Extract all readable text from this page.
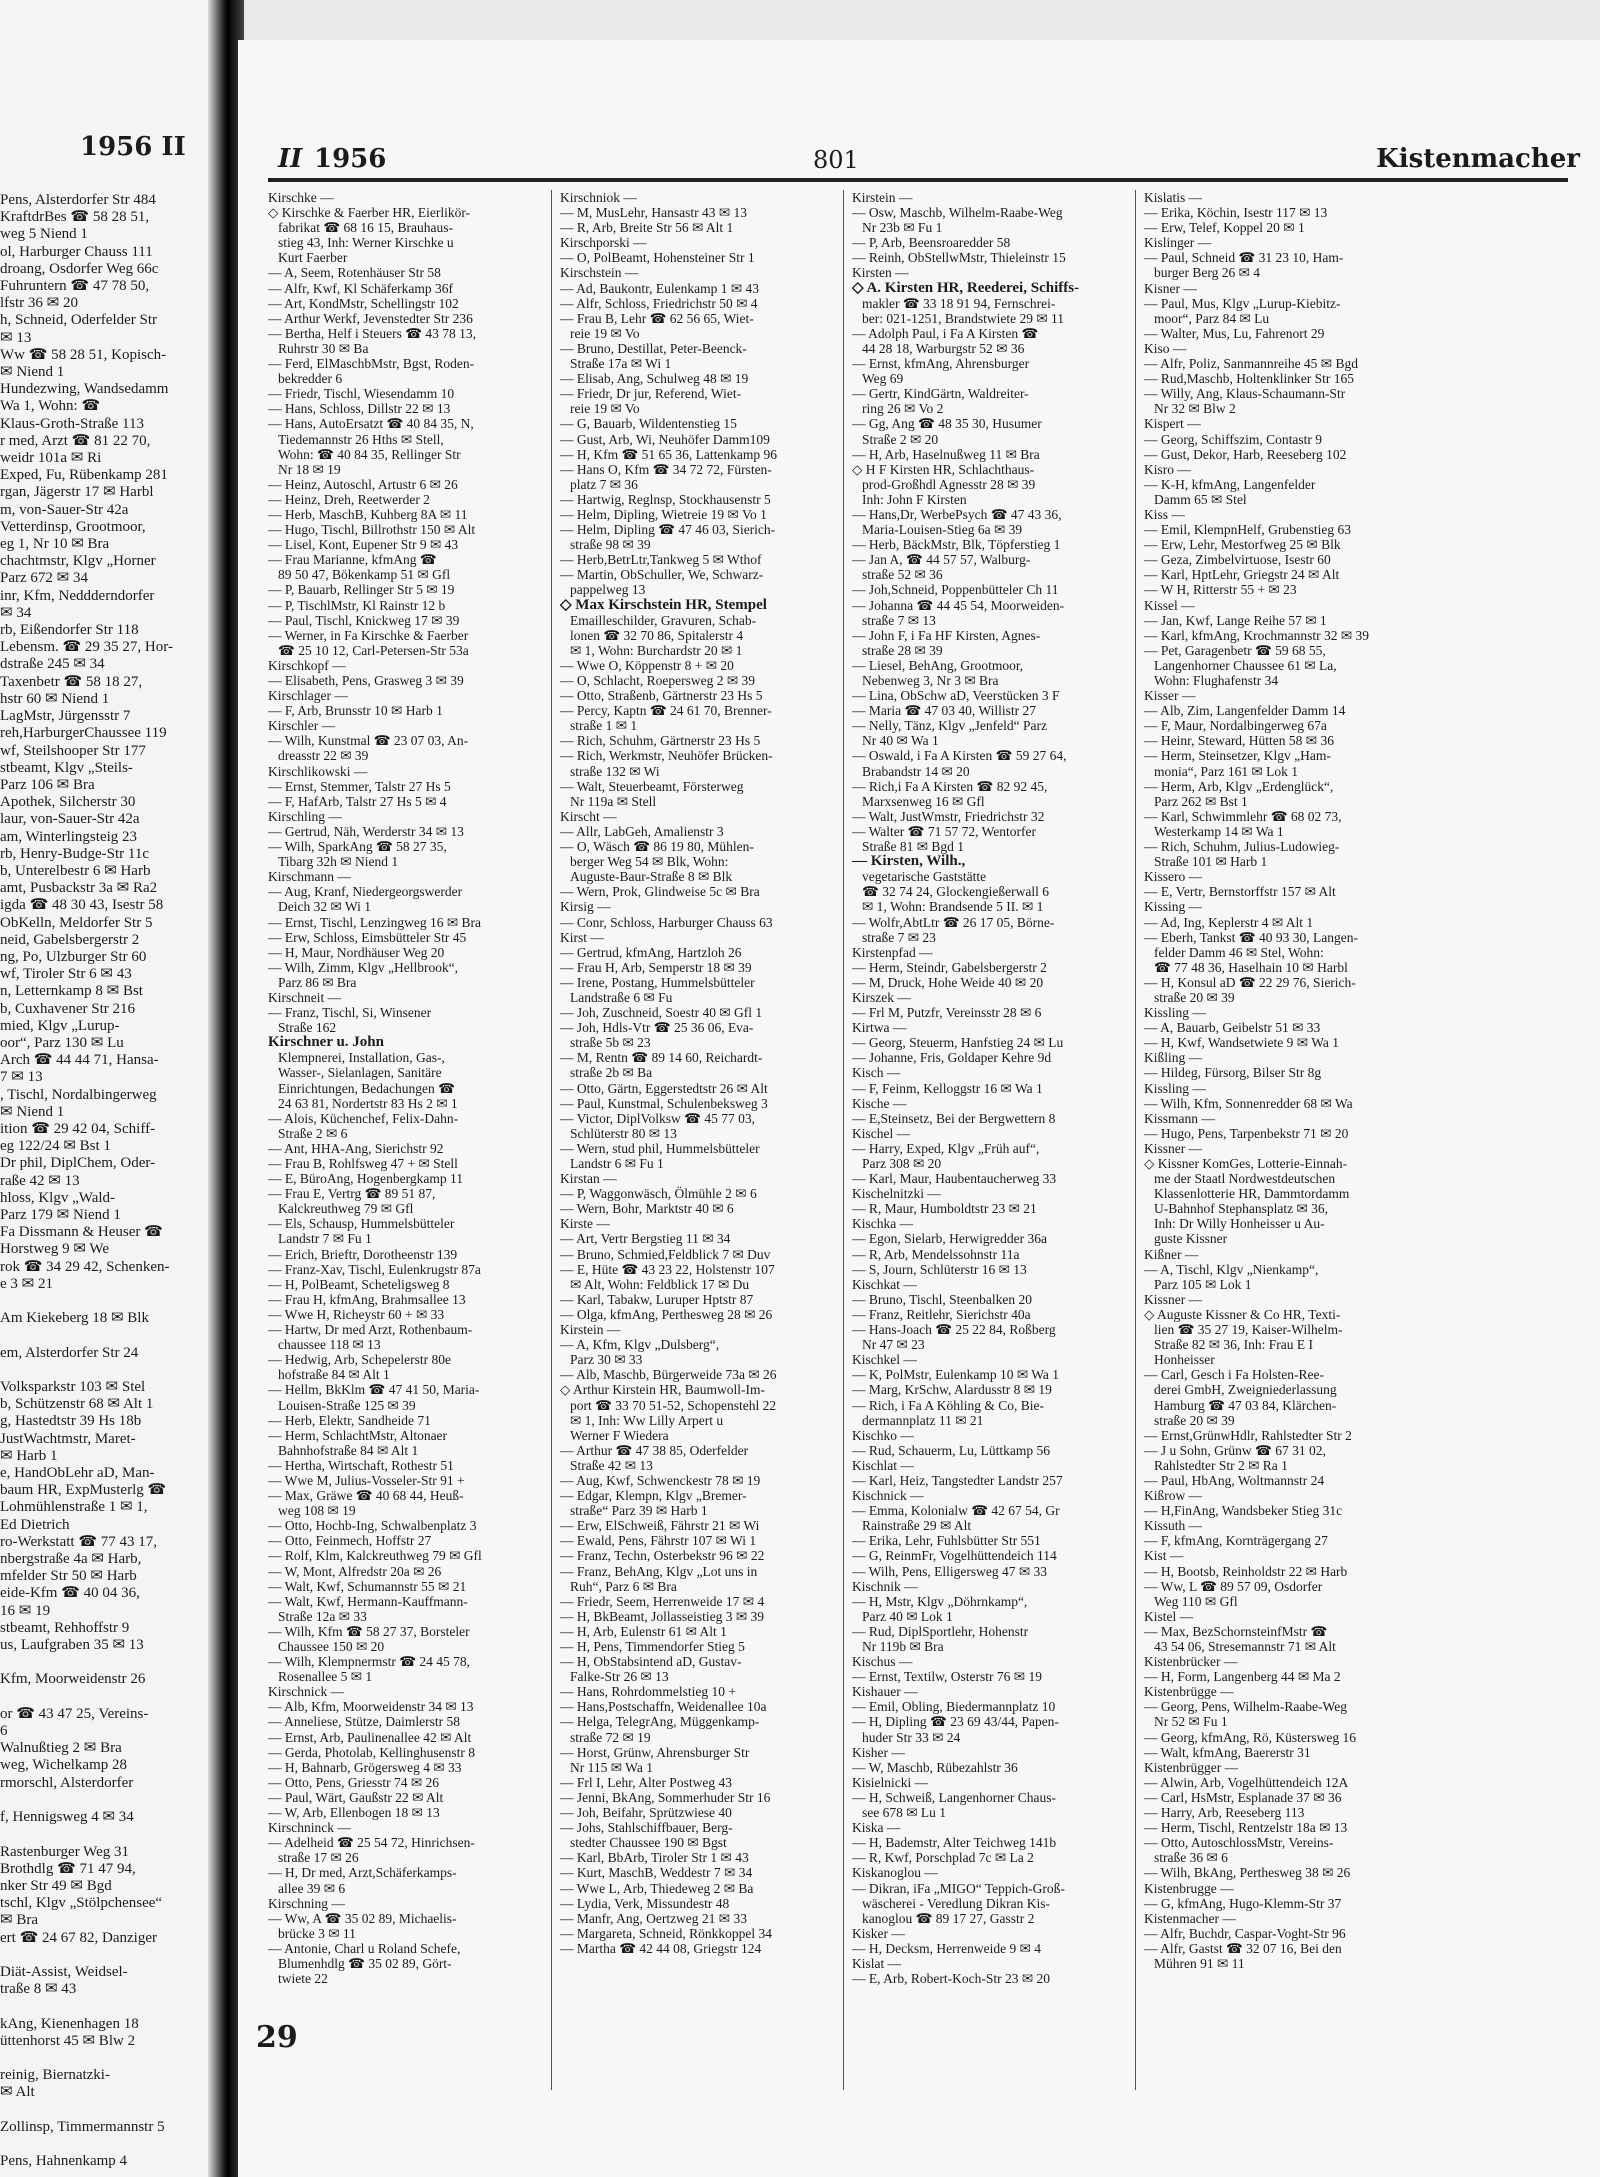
1956 II
Pens, Alsterdorfer Str 484
KraftdrBes ☎ 58 28 51,
weg 5 Niend 1
ol, Harburger Chauss 111
droang, Osdorfer Weg 66c
Fuhruntern ☎ 47 78 50,
lfstr 36 ✉ 20
h, Schneid, Oderfelder Str
✉ 13
Ww ☎ 58 28 51, Kopisch-
✉ Niend 1
Hundezwing, Wandsedamm
Wa 1, Wohn: ☎
Klaus-Groth-Straße 113
r med, Arzt ☎ 81 22 70,
weidr 101a ✉ Ri
Exped, Fu, Rübenkamp 281
rgan, Jägerstr 17 ✉ Harbl
m, von-Sauer-Str 42a
Vetterdinsp, Grootmoor,
eg 1, Nr 10 ✉ Bra
chachtmstr, Klgv „Horner
Parz 672 ✉ 34
inr, Kfm, Neddderndorfer
✉ 34
rb, Eißendorfer Str 118
Lebensm. ☎ 29 35 27, Hor-
dstraße 245 ✉ 34
Taxenbetr ☎ 58 18 27,
hstr 60 ✉ Niend 1
LagMstr, Jürgensstr 7
reh,HarburgerChaussee 119
wf, Steilshooper Str 177
stbeamt, Klgv „Steils-
Parz 106 ✉ Bra
Apothek, Silcherstr 30
laur, von-Sauer-Str 42a
am, Winterlingsteig 23
rb, Henry-Budge-Str 11c
b, Unterelbestr 6 ✉ Harb
amt, Pusbackstr 3a ✉ Ra2
igda ☎ 48 30 43, Isestr 58
ObKelln, Meldorfer Str 5
neid, Gabelsbergerstr 2
ng, Po, Ulzburger Str 60
wf, Tiroler Str 6 ✉ 43
n, Letternkamp 8 ✉ Bst
b, Cuxhavener Str 216
mied, Klgv „Lurup-
oor“, Parz 130 ✉ Lu
Arch ☎ 44 44 71, Hansa-
7 ✉ 13
, Tischl, Nordalbingerweg
✉ Niend 1
ition ☎ 29 42 04, Schiff-
eg 122/24 ✉ Bst 1
Dr phil, DiplChem, Oder-
raße 42 ✉ 13
hloss, Klgv „Wald-
Parz 179 ✉ Niend 1
Fa Dissmann & Heuser ☎
Horstweg 9 ✉ We
rok ☎ 34 29 42, Schenken-
e 3 ✉ 21

Am Kiekeberg 18 ✉ Blk

em, Alsterdorfer Str 24

Volksparkstr 103 ✉ Stel
b, Schützenstr 68 ✉ Alt 1
g, Hastedtstr 39 Hs 18b
JustWachtmstr, Maret-
✉ Harb 1
e, HandObLehr aD, Man-
baum HR, ExpMusterlg ☎
Lohmühlenstraße 1 ✉ 1,
Ed Dietrich
ro-Werkstatt ☎ 77 43 17,
nbergstraße 4a ✉ Harb,
mfelder Str 50 ✉ Harb
eide-Kfm ☎ 40 04 36,
16 ✉ 19
stbeamt, Rehhoffstr 9
us, Laufgraben 35 ✉ 13

Kfm, Moorweidenstr 26

or ☎ 43 47 25, Vereins-
6
Walnußtieg 2 ✉ Bra
weg, Wichelkamp 28
rmorschl, Alsterdorfer

f, Hennigsweg 4 ✉ 34

Rastenburger Weg 31
Brothdlg ☎ 71 47 94,
nker Str 49 ✉ Bgd
tschl, Klgv „Stölpchensee“
✉ Bra
ert ☎ 24 67 82, Danziger

Diät-Assist, Weidsel-
traße 8 ✉ 43

kAng, Kienenhagen 18
üttenhorst 45 ✉ Blw 2

reinig, Biernatzki-
✉ Alt

Zollinsp, Timmermannstr 5

Pens, Hahnenkamp 4
II 1956	801	Kistenmacher
Kirschke —
◇ Kirschke & Faerber HR, Eierlikör-
fabrikat ☎ 68 16 15, Brauhaus-
stieg 43, Inh: Werner Kirschke u
Kurt Faerber
— A, Seem, Rotenhäuser Str 58
— Alfr, Kwf, Kl Schäferkamp 36f
— Art, KondMstr, Schellingstr 102
— Arthur Werkf, Jevenstedter Str 236
— Bertha, Helf i Steuers ☎ 43 78 13,
Ruhrstr 30 ✉ Ba
— Ferd, ElMaschbMstr, Bgst, Roden-
bekredder 6
— Friedr, Tischl, Wiesendamm 10
— Hans, Schloss, Dillstr 22 ✉ 13
— Hans, AutoErsatzt ☎ 40 84 35, N,
Tiedemannstr 26 Hths ✉ Stell,
Wohn: ☎ 40 84 35, Rellinger Str
Nr 18 ✉ 19
— Heinz, Autoschl, Artustr 6 ✉ 26
— Heinz, Dreh, Reetwerder 2
— Herb, MaschB, Kuhberg 8A ✉ 11
— Hugo, Tischl, Billrothstr 150 ✉ Alt
— Lisel, Kont, Eupener Str 9 ✉ 43
— Frau Marianne, kfmAng ☎
89 50 47, Bökenkamp 51 ✉ Gfl
— P, Bauarb, Rellinger Str 5 ✉ 19
— P, TischlMstr, Kl Rainstr 12 b
— Paul, Tischl, Knickweg 17 ✉ 39
— Werner, in Fa Kirschke & Faerber
☎ 25 10 12, Carl-Petersen-Str 53a
Kirschkopf —
— Elisabeth, Pens, Grasweg 3 ✉ 39
Kirschlager —
— F, Arb, Brunsstr 10 ✉ Harb 1
Kirschler —
— Wilh, Kunstmal ☎ 23 07 03, An-
dreasstr 22 ✉ 39
Kirschlikowski —
— Ernst, Stemmer, Talstr 27 Hs 5
— F, HafArb, Talstr 27 Hs 5 ✉ 4
Kirschling —
— Gertrud, Näh, Werderstr 34 ✉ 13
— Wilh, SparkAng ☎ 58 27 35,
Tibarg 32h ✉ Niend 1
Kirschmann —
— Aug, Kranf, Niedergeorgswerder
Deich 32 ✉ Wi 1
— Ernst, Tischl, Lenzingweg 16 ✉ Bra
— Erw, Schloss, Eimsbütteler Str 45
— H, Maur, Nordhäuser Weg 20
— Wilh, Zimm, Klgv „Hellbrook“,
Parz 86 ✉ Bra
Kirschneit —
— Franz, Tischl, Si, Winsener
Straße 162
Kirschner u. John
Klempnerei, Installation, Gas-,
Wasser-, Sielanlagen, Sanitäre
Einrichtungen, Bedachungen ☎
24 63 81, Nordertstr 83 Hs 2 ✉ 1
— Alois, Küchenchef, Felix-Dahn-
Straße 2 ✉ 6
— Ant, HHA-Ang, Sierichstr 92
— Frau B, Rohlfsweg 47 + ✉ Stell
— E, BüroAng, Hogenbergkamp 11
— Frau E, Vertrg ☎ 89 51 87,
Kalckreuthweg 79 ✉ Gfl
— Els, Schausp, Hummelsbütteler
Landstr 7 ✉ Fu 1
— Erich, Brieftr, Dorotheenstr 139
— Franz-Xav, Tischl, Eulenkrugstr 87a
— H, PolBeamt, Scheteligsweg 8
— Frau H, kfmAng, Brahmsallee 13
— Wwe H, Richeystr 60 + ✉ 33
— Hartw, Dr med Arzt, Rothenbaum-
chaussee 118 ✉ 13
— Hedwig, Arb, Schepelerstr 80e
hofstraße 84 ✉ Alt 1
— Hellm, BkKlm ☎ 47 41 50, Maria-
Louisen-Straße 125 ✉ 39
— Herb, Elektr, Sandheide 71
— Herm, SchlachtMstr, Altonaer
Bahnhofstraße 84 ✉ Alt 1
— Hertha, Wirtschaft, Rothestr 51
— Wwe M, Julius-Vosseler-Str 91 +
— Max, Gräwe ☎ 40 68 44, Heuß-
weg 108 ✉ 19
— Otto, Hochb-Ing, Schwalbenplatz 3
— Otto, Feinmech, Hoffstr 27
— Rolf, Klm, Kalckreuthweg 79 ✉ Gfl
— W, Mont, Alfredstr 20a ✉ 26
— Walt, Kwf, Schumannstr 55 ✉ 21
— Walt, Kwf, Hermann-Kauffmann-
Straße 12a ✉ 33
— Wilh, Kfm ☎ 58 27 37, Borsteler
Chaussee 150 ✉ 20
— Wilh, Klempnermstr ☎ 24 45 78,
Rosenallee 5 ✉ 1
Kirschnick —
— Alb, Kfm, Moorweidenstr 34 ✉ 13
— Anneliese, Stütze, Daimlerstr 58
— Ernst, Arb, Paulinenallee 42 ✉ Alt
— Gerda, Photolab, Kellinghusenstr 8
— H, Bahnarb, Grögersweg 4 ✉ 33
— Otto, Pens, Griesstr 74 ✉ 26
— Paul, Wärt, Gaußstr 22 ✉ Alt
— W, Arb, Ellenbogen 18 ✉ 13
Kirschninck —
— Adelheid ☎ 25 54 72, Hinrichsen-
straße 17 ✉ 26
— H, Dr med, Arzt,Schäferkamps-
allee 39 ✉ 6
Kirschning —
— Ww, A ☎ 35 02 89, Michaelis-
brücke 3 ✉ 11
— Antonie, Charl u Roland Schefe,
Blumenhdlg ☎ 35 02 89, Gört-
twiete 22
Kirschniok —
— M, MusLehr, Hansastr 43 ✉ 13
— R, Arb, Breite Str 56 ✉ Alt 1
Kirschporski —
— O, PolBeamt, Hohensteiner Str 1
Kirschstein —
— Ad, Baukontr, Eulenkamp 1 ✉ 43
— Alfr, Schloss, Friedrichstr 50 ✉ 4
— Frau B, Lehr ☎ 62 56 65, Wiet-
reie 19 ✉ Vo
— Bruno, Destillat, Peter-Beenck-
Straße 17a ✉ Wi 1
— Elisab, Ang, Schulweg 48 ✉ 19
— Friedr, Dr jur, Referend, Wiet-
reie 19 ✉ Vo
— G, Bauarb, Wildentenstieg 15
— Gust, Arb, Wi, Neuhöfer Damm109
— H, Kfm ☎ 51 65 36, Lattenkamp 96
— Hans O, Kfm ☎ 34 72 72, Fürsten-
platz 7 ✉ 36
— Hartwig, Reglnsp, Stockhausenstr 5
— Helm, Dipling, Wietreie 19 ✉ Vo 1
— Helm, Dipling ☎ 47 46 03, Sierich-
straße 98 ✉ 39
— Herb,BetrLtr,Tankweg 5 ✉ Wthof
— Martin, ObSchuller, We, Schwarz-
pappelweg 13
◇ Max Kirschstein HR, Stempel
Emailleschilder, Gravuren, Schab-
lonen ☎ 32 70 86, Spitalerstr 4
✉ 1, Wohn: Burchardstr 20 ✉ 1
— Wwe O, Köppenstr 8 + ✉ 20
— O, Schlacht, Roepersweg 2 ✉ 39
— Otto, Straßenb, Gärtnerstr 23 Hs 5
— Percy, Kaptn ☎ 24 61 70, Brenner-
straße 1 ✉ 1
— Rich, Schuhm, Gärtnerstr 23 Hs 5
— Rich, Werkmstr, Neuhöfer Brücken-
straße 132 ✉ Wi
— Walt, Steuerbeamt, Försterweg
Nr 119a ✉ Stell
Kirscht —
— Allr, LabGeh, Amalienstr 3
— O, Wäsch ☎ 86 19 80, Mühlen-
berger Weg 54 ✉ Blk, Wohn:
Auguste-Baur-Straße 8 ✉ Blk
— Wern, Prok, Glindweise 5c ✉ Bra
Kirsig —
— Conr, Schloss, Harburger Chauss 63
Kirst —
— Gertrud, kfmAng, Hartzloh 26
— Frau H, Arb, Semperstr 18 ✉ 39
— Irene, Postang, Hummelsbütteler
Landstraße 6 ✉ Fu
— Joh, Zuschneid, Soestr 40 ✉ Gfl 1
— Joh, Hdls-Vtr ☎ 25 36 06, Eva-
straße 5b ✉ 23
— M, Rentn ☎ 89 14 60, Reichardt-
straße 2b ✉ Ba
— Otto, Gärtn, Eggerstedtstr 26 ✉ Alt
— Paul, Kunstmal, Schulenbeksweg 3
— Victor, DiplVolksw ☎ 45 77 03,
Schlüterstr 80 ✉ 13
— Wern, stud phil, Hummelsbütteler
Landstr 6 ✉ Fu 1
Kirstan —
— P, Waggonwäsch, Ölmühle 2 ✉ 6
— Wern, Bohr, Marktstr 40 ✉ 6
Kirste —
— Art, Vertr Bergstieg 11 ✉ 34
— Bruno, Schmied,Feldblick 7 ✉ Duv
— E, Hüte ☎ 43 23 22, Holstenstr 107
✉ Alt, Wohn: Feldblick 17 ✉ Du
— Karl, Tabakw, Luruper Hptstr 87
— Olga, kfmAng, Perthesweg 28 ✉ 26
Kirstein —
— A, Kfm, Klgv „Dulsberg“,
Parz 30 ✉ 33
— Alb, Maschb, Bürgerweide 73a ✉ 26
◇ Arthur Kirstein HR, Baumwoll-Im-
port ☎ 33 70 51-52, Schopenstehl 22
✉ 1, Inh: Ww Lilly Arpert u
Werner F Wiedera
— Arthur ☎ 47 38 85, Oderfelder
Straße 42 ✉ 13
— Aug, Kwf, Schwenckestr 78 ✉ 19
— Edgar, Klempn, Klgv „Bremer-
straße“ Parz 39 ✉ Harb 1
— Erw, ElSchweiß, Fährstr 21 ✉ Wi
— Ewald, Pens, Fährstr 107 ✉ Wi 1
— Franz, Techn, Osterbekstr 96 ✉ 22
— Franz, BehAng, Klgv „Lot uns in
Ruh“, Parz 6 ✉ Bra
— Friedr, Seem, Herrenweide 17 ✉ 4
— H, BkBeamt, Jollasseistieg 3 ✉ 39
— H, Arb, Eulenstr 61 ✉ Alt 1
— H, Pens, Timmendorfer Stieg 5
— H, ObStabsintend aD, Gustav-
Falke-Str 26 ✉ 13
— Hans, Rohrdommelstieg 10 +
— Hans,Postschaffn, Weidenallee 10a
— Helga, TelegrAng, Müggenkamp-
straße 72 ✉ 19
— Horst, Grünw, Ahrensburger Str
Nr 115 ✉ Wa 1
— Frl I, Lehr, Alter Postweg 43
— Jenni, BkAng, Sommerhuder Str 16
— Joh, Beifahr, Sprützwiese 40
— Johs, Stahlschiffbauer, Berg-
stedter Chaussee 190 ✉ Bgst
— Karl, BbArb, Tiroler Str 1 ✉ 43
— Kurt, MaschB, Weddestr 7 ✉ 34
— Wwe L, Arb, Thiedeweg 2 ✉ Ba
— Lydia, Verk, Missundestr 48
— Manfr, Ang, Oertzweg 21 ✉ 33
— Margareta, Schneid, Rönkkoppel 34
— Martha ☎ 42 44 08, Griegstr 124
Kirstein —
— Osw, Maschb, Wilhelm-Raabe-Weg
Nr 23b ✉ Fu 1
— P, Arb, Beensroaredder 58
— Reinh, ObStellwMstr, Thieleinstr 15
Kirsten —
◇ A. Kirsten HR, Reederei, Schiffs-
makler ☎ 33 18 91 94, Fernschrei-
ber: 021-1251, Brandstwiete 29 ✉ 11
— Adolph Paul, i Fa A Kirsten ☎
44 28 18, Warburgstr 52 ✉ 36
— Ernst, kfmAng, Ahrensburger
Weg 69
— Gertr, KindGärtn, Waldreiter-
ring 26 ✉ Vo 2
— Gg, Ang ☎ 48 35 30, Husumer
Straße 2 ✉ 20
— H, Arb, Haselnußweg 11 ✉ Bra
◇ H F Kirsten HR, Schlachthaus-
prod-Großhdl Agnesstr 28 ✉ 39
Inh: John F Kirsten
— Hans,Dr, WerbePsych ☎ 47 43 36,
Maria-Louisen-Stieg 6a ✉ 39
— Herb, BäckMstr, Blk, Töpferstieg 1
— Jan A, ☎ 44 57 57, Walburg-
straße 52 ✉ 36
— Joh,Schneid, Poppenbütteler Ch 11
— Johanna ☎ 44 45 54, Moorweiden-
straße 7 ✉ 13
— John F, i Fa HF Kirsten, Agnes-
straße 28 ✉ 39
— Liesel, BehAng, Grootmoor,
Nebenweg 3, Nr 3 ✉ Bra
— Lina, ObSchw aD, Veerstücken 3 F
— Maria ☎ 47 03 40, Willistr 27
— Nelly, Tänz, Klgv „Jenfeld“ Parz
Nr 40 ✉ Wa 1
— Oswald, i Fa A Kirsten ☎ 59 27 64,
Brabandstr 14 ✉ 20
— Rich,i Fa A Kirsten ☎ 82 92 45,
Marxsenweg 16 ✉ Gfl
— Walt, JustWmstr, Friedrichstr 32
— Walter ☎ 71 57 72, Wentorfer
Straße 81 ✉ Bgd 1
— Kirsten, Wilh.,
vegetarische Gaststätte
☎ 32 74 24, Glockengießerwall 6
✉ 1, Wohn: Brandsende 5 II. ✉ 1
— Wolfr,AbtLtr ☎ 26 17 05, Börne-
straße 7 ✉ 23
Kirstenpfad —
— Herm, Steindr, Gabelsbergerstr 2
— M, Druck, Hohe Weide 40 ✉ 20
Kirszek —
— Frl M, Putzfr, Vereinsstr 28 ✉ 6
Kirtwa —
— Georg, Steuerm, Hanfstieg 24 ✉ Lu
— Johanne, Fris, Goldaper Kehre 9d
Kisch —
— F, Feinm, Kelloggstr 16 ✉ Wa 1
Kische —
— E,Steinsetz, Bei der Bergwettern 8
Kischel —
— Harry, Exped, Klgv „Früh auf“,
Parz 308 ✉ 20
— Karl, Maur, Haubentaucherweg 33
Kischelnitzki —
— R, Maur, Humboldtstr 23 ✉ 21
Kischka —
— Egon, Sielarb, Herwigredder 36a
— R, Arb, Mendelssohnstr 11a
— S, Journ, Schlüterstr 16 ✉ 13
Kischkat —
— Bruno, Tischl, Steenbalken 20
— Franz, Reitlehr, Sierichstr 40a
— Hans-Joach ☎ 25 22 84, Roßberg
Nr 47 ✉ 23
Kischkel —
— K, PolMstr, Eulenkamp 10 ✉ Wa 1
— Marg, KrSchw, Alardusstr 8 ✉ 19
— Rich, i Fa A Köhling & Co, Bie-
dermannplatz 11 ✉ 21
Kischko —
— Rud, Schauerm, Lu, Lüttkamp 56
Kischlat —
— Karl, Heiz, Tangstedter Landstr 257
Kischnick —
— Emma, Kolonialw ☎ 42 67 54, Gr
Rainstraße 29 ✉ Alt
— Erika, Lehr, Fuhlsbütter Str 551
— G, ReinmFr, Vogelhüttendeich 114
— Wilh, Pens, Elligersweg 47 ✉ 33
Kischnik —
— H, Mstr, Klgv „Döhrnkamp“,
Parz 40 ✉ Lok 1
— Rud, DiplSportlehr, Hohenstr
Nr 119b ✉ Bra
Kischus —
— Ernst, Textilw, Osterstr 76 ✉ 19
Kishauer —
— Emil, Obling, Biedermannplatz 10
— H, Dipling ☎ 23 69 43/44, Papen-
huder Str 33 ✉ 24
Kisher —
— W, Maschb, Rübezahlstr 36
Kisielnicki —
— H, Schweiß, Langenhorner Chaus-
see 678 ✉ Lu 1
Kiska —
— H, Bademstr, Alter Teichweg 141b
— R, Kwf, Porschplad 7c ✉ La 2
Kiskanoglou —
— Dikran, iFa „MIGO“ Teppich-Groß-
wäscherei - Veredlung Dikran Kis-
kanoglou ☎ 89 17 27, Gasstr 2
Kisker —
— H, Decksm, Herrenweide 9 ✉ 4
Kislat —
— E, Arb, Robert-Koch-Str 23 ✉ 20
Kislatis —
— Erika, Köchin, Isestr 117 ✉ 13
— Erw, Telef, Koppel 20 ✉ 1
Kislinger —
— Paul, Schneid ☎ 31 23 10, Ham-
burger Berg 26 ✉ 4
Kisner —
— Paul, Mus, Klgv „Lurup-Kiebitz-
moor“, Parz 84 ✉ Lu
— Walter, Mus, Lu, Fahrenort 29
Kiso —
— Alfr, Poliz, Sanmannreihe 45 ✉ Bgd
— Rud,Maschb, Holtenklinker Str 165
— Willy, Ang, Klaus-Schaumann-Str
Nr 32 ✉ Blw 2
Kispert —
— Georg, Schiffszim, Contastr 9
— Gust, Dekor, Harb, Reeseberg 102
Kisro —
— K-H, kfmAng, Langenfelder
Damm 65 ✉ Stel
Kiss —
— Emil, KlempnHelf, Grubenstieg 63
— Erw, Lehr, Mestorfweg 25 ✉ Blk
— Geza, Zimbelvirtuose, Isestr 60
— Karl, HptLehr, Griegstr 24 ✉ Alt
— W H, Ritterstr 55 + ✉ 23
Kissel —
— Jan, Kwf, Lange Reihe 57 ✉ 1
— Karl, kfmAng, Krochmannstr 32 ✉ 39
— Pet, Garagenbetr ☎ 59 68 55,
Langenhorner Chaussee 61 ✉ La,
Wohn: Flughafenstr 34
Kisser —
— Alb, Zim, Langenfelder Damm 14
— F, Maur, Nordalbingerweg 67a
— Heinr, Steward, Hütten 58 ✉ 36
— Herm, Steinsetzer, Klgv „Ham-
monia“, Parz 161 ✉ Lok 1
— Herm, Arb, Klgv „Erdenglück“,
Parz 262 ✉ Bst 1
— Karl, Schwimmlehr ☎ 68 02 73,
Westerkamp 14 ✉ Wa 1
— Rich, Schuhm, Julius-Ludowieg-
Straße 101 ✉ Harb 1
Kissero —
— E, Vertr, Bernstorffstr 157 ✉ Alt
Kissing —
— Ad, Ing, Keplerstr 4 ✉ Alt 1
— Eberh, Tankst ☎ 40 93 30, Langen-
felder Damm 46 ✉ Stel, Wohn:
☎ 77 48 36, Haselhain 10 ✉ Harbl
— H, Konsul aD ☎ 22 29 76, Sierich-
straße 20 ✉ 39
Kissling —
— A, Bauarb, Geibelstr 51 ✉ 33
— H, Kwf, Wandsetwiete 9 ✉ Wa 1
Kißling —
— Hildeg, Fürsorg, Bilser Str 8g
Kissling —
— Wilh, Kfm, Sonnenredder 68 ✉ Wa
Kissmann —
— Hugo, Pens, Tarpenbekstr 71 ✉ 20
Kissner —
◇ Kissner KomGes, Lotterie-Einnah-
me der Staatl Nordwestdeutschen
Klassenlotterie HR, Dammtordamm
U-Bahnhof Stephansplatz ✉ 36,
Inh: Dr Willy Honheisser u Au-
guste Kissner
Kißner —
— A, Tischl, Klgv „Nienkamp“,
Parz 105 ✉ Lok 1
Kissner —
◇ Auguste Kissner & Co HR, Texti-
lien ☎ 35 27 19, Kaiser-Wilhelm-
Straße 82 ✉ 36, Inh: Frau E I
Honheisser
— Carl, Gesch i Fa Holsten-Ree-
derei GmbH, Zweigniederlassung
Hamburg ☎ 47 03 84, Klärchen-
straße 20 ✉ 39
— Ernst,GrünwHdlr, Rahlstedter Str 2
— J u Sohn, Grünw ☎ 67 31 02,
Rahlstedter Str 2 ✉ Ra 1
— Paul, HbAng, Woltmannstr 24
Kißrow —
— H,FinAng, Wandsbeker Stieg 31c
Kissuth —
— F, kfmAng, Kornträgergang 27
Kist —
— H, Bootsb, Reinholdstr 22 ✉ Harb
— Ww, L ☎ 89 57 09, Osdorfer
Weg 110 ✉ Gfl
Kistel —
— Max, BezSchornsteinfMstr ☎
43 54 06, Stresemannstr 71 ✉ Alt
Kistenbrücker —
— H, Form, Langenberg 44 ✉ Ma 2
Kistenbrügge —
— Georg, Pens, Wilhelm-Raabe-Weg
Nr 52 ✉ Fu 1
— Georg, kfmAng, Rö, Küstersweg 16
— Walt, kfmAng, Baererstr 31
Kistenbrügger —
— Alwin, Arb, Vogelhüttendeich 12A
— Carl, HsMstr, Esplanade 37 ✉ 36
— Harry, Arb, Reeseberg 113
— Herm, Tischl, Rentzelstr 18a ✉ 13
— Otto, AutoschlossMstr, Vereins-
straße 36 ✉ 6
— Wilh, BkAng, Perthesweg 38 ✉ 26
Kistenbrugge —
— G, kfmAng, Hugo-Klemm-Str 37
Kistenmacher —
— Alfr, Buchdr, Caspar-Voght-Str 96
— Alfr, Gastst ☎ 32 07 16, Bei den
Mühren 91 ✉ 11
29
